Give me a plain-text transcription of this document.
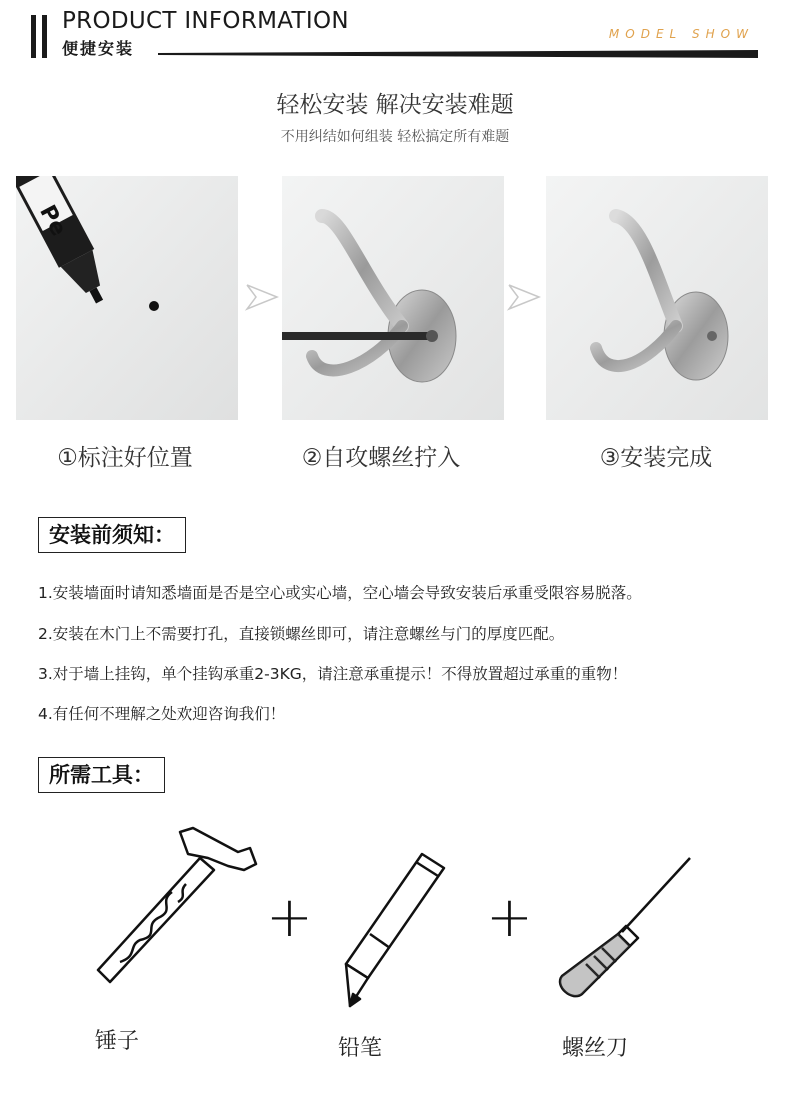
PRODUCT INFORMATION
便捷安装
MODEL SHOW
轻松安装 解决安装难题
不用纠结如何组装 轻松搞定所有难题
Pe
①标注好位置	②自攻螺丝拧入	③安装完成
安装前须知：
1.安装墙面时请知悉墙面是否是空心或实心墙，空心墙会导致安装后承重受限容易脱落。
2.安装在木门上不需要打孔，直接锁螺丝即可，请注意螺丝与门的厚度匹配。
3.对于墙上挂钩，单个挂钩承重2-3KG，请注意承重提示！不得放置超过承重的重物！
4.有任何不理解之处欢迎咨询我们！
所需工具：
+	+
锤子	铅笔	螺丝刀
